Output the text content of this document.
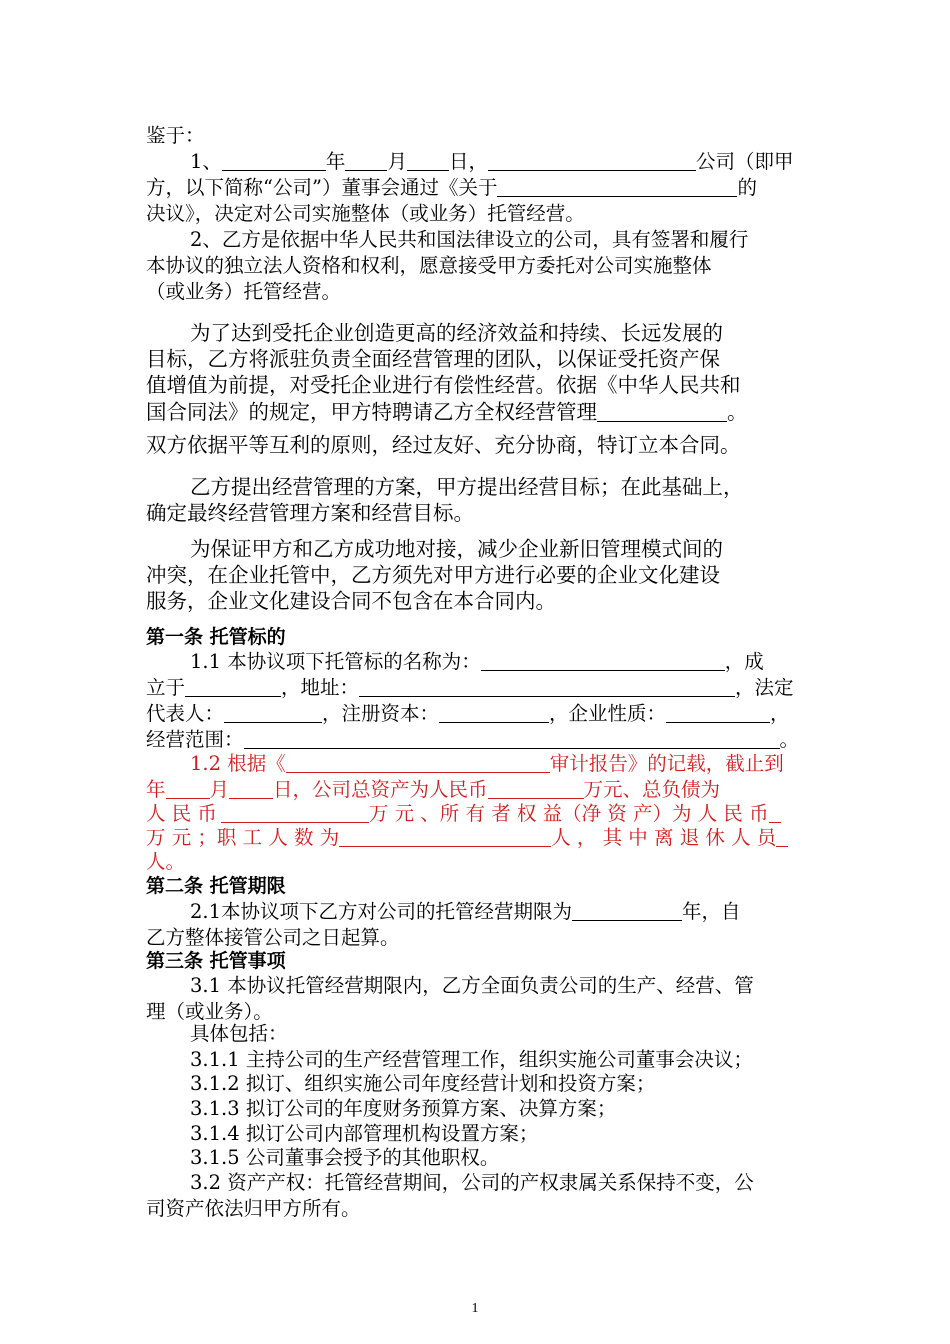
鉴于：

1、	年 月 日，	公司（即甲

方，以下简称“公司”）董事会通过《关于	的

决议》，决定对公司实施整体（或业务）托管经营。

2、乙方是依据中华人民共和国法律设立的公司，具有签署和履行

本协议的独立法人资格和权利，愿意接受甲方委托对公司实施整体

（或业务）托管经营。

为了达到受托企业创造更高的经济效益和持续、长远发展的

目标，乙方将派驻负责全面经营管理的团队，以保证受托资产保

值增值为前提，对受托企业进行有偿性经营。依据《中华人民共和

国合同法》的规定，甲方特聘请乙方全权经营管理	。

双方依据平等互利的原则，经过友好、充分协商，特订立本合同。

乙方提出经营管理的方案，甲方提出经营目标；在此基础上，

确定最终经营管理方案和经营目标。

为保证甲方和乙方成功地对接，减少企业新旧管理模式间的

冲突，在企业托管中，乙方须先对甲方进行必要的企业文化建设

服务，企业文化建设合同不包含在本合同内。

第一条 托管标的

1.1 本协议项下托管标的名称为：	，成

立于	，地址：	，法定

代表人：	，注册资本：	，企业性质：	，

经营范围：	。

1.2 根据《	审计报告》的记载，截止到

年 月 日，公司总资产为人民币	万元、总负债为

人 民 币	万 元 、所 有 者 权 益（净 资 产）为 人 民 币

万 元 ；职 工 人 数 为	人 ， 其 中 离 退 休 人 员

人。

第二条 托管期限

2.1本协议项下乙方对公司的托管经营期限为	年，自

乙方整体接管公司之日起算。

第三条 托管事项

3.1 本协议托管经营期限内，乙方全面负责公司的生产、经营、管

理（或业务）。

具体包括：

3.1.1 主持公司的生产经营管理工作，组织实施公司董事会决议；

3.1.2 拟订、组织实施公司年度经营计划和投资方案；

3.1.3 拟订公司的年度财务预算方案、决算方案；

3.1.4 拟订公司内部管理机构设置方案；

3.1.5 公司董事会授予的其他职权。

3.2 资产产权：托管经营期间，公司的产权隶属关系保持不变，公

司资产依法归甲方所有。

1
